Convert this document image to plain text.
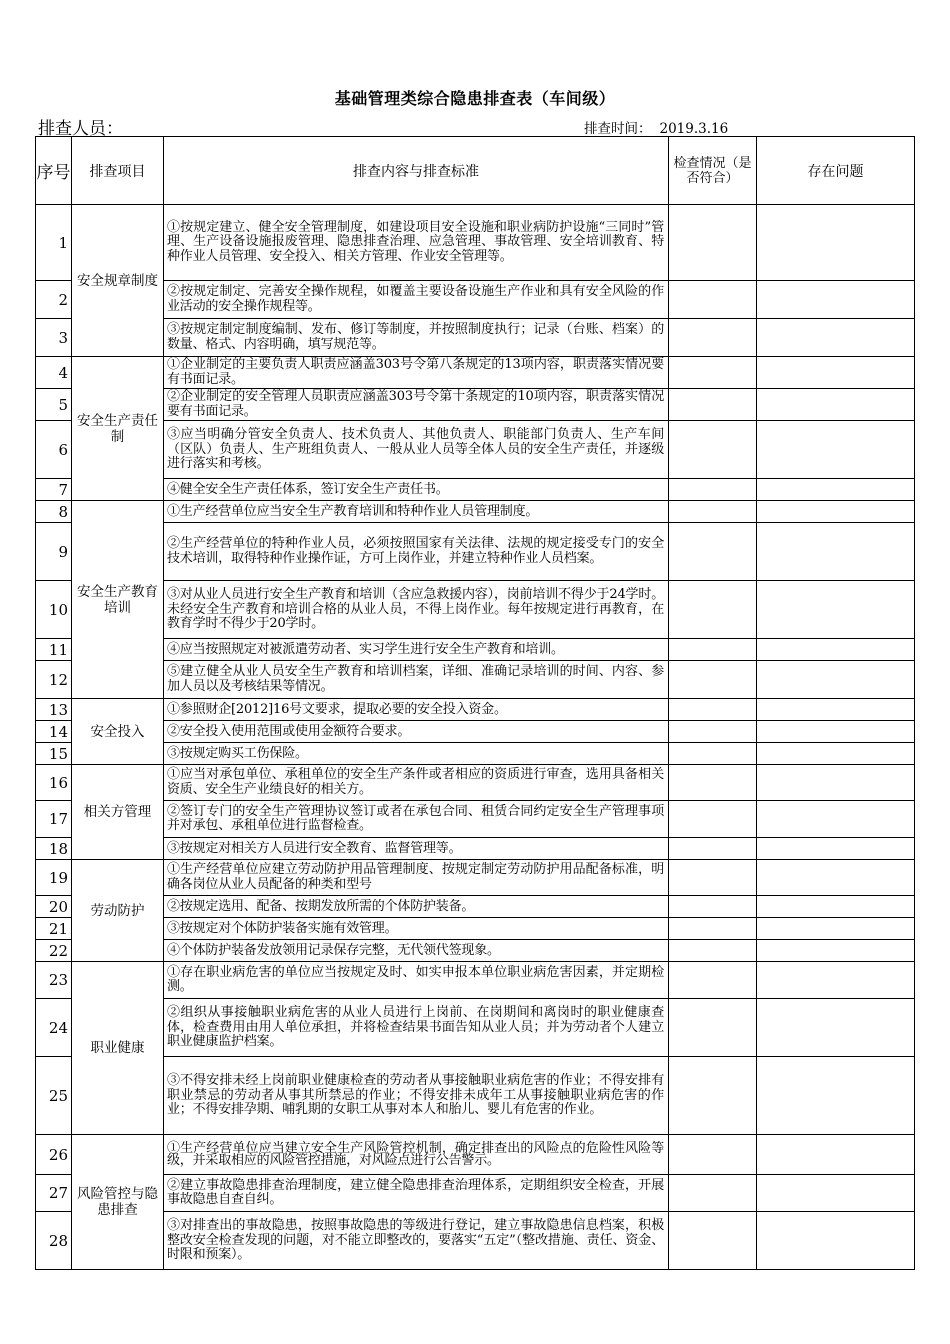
基础管理类综合隐患排查表（车间级）
排查人员：	排查时间： 2019.3.16
序号	排查项目	排查内容与排查标准	检查情况（是否符合）	存在问题
1	安全规章制度	①按规定建立、健全安全管理制度，如建设项目安全设施和职业病防护设施“三同时”管理、生产设备设施报废管理、隐患排查治理、应急管理、事故管理、安全培训教育、特种作业人员管理、安全投入、相关方管理、作业安全管理等。		
2		②按规定制定、完善安全操作规程，如覆盖主要设备设施生产作业和具有安全风险的作业活动的安全操作规程等。		
3		③按规定制定制度编制、发布、修订等制度，并按照制度执行；记录（台账、档案）的数量、格式、内容明确，填写规范等。		
4	安全生产责任制	①企业制定的主要负责人职责应涵盖303号令第八条规定的13项内容，职责落实情况要有书面记录。		
5		②企业制定的安全管理人员职责应涵盖303号令第十条规定的10项内容，职责落实情况要有书面记录。		
6		③应当明确分管安全负责人、技术负责人、其他负责人、职能部门负责人、生产车间（区队）负责人、生产班组负责人、一般从业人员等全体人员的安全生产责任，并逐级进行落实和考核。		
7		④健全安全生产责任体系，签订安全生产责任书。		
8	安全生产教育培训	①生产经营单位应当安全生产教育培训和特种作业人员管理制度。		
9		②生产经营单位的特种作业人员，必须按照国家有关法律、法规的规定接受专门的安全技术培训，取得特种作业操作证，方可上岗作业，并建立特种作业人员档案。		
10		③对从业人员进行安全生产教育和培训（含应急救援内容），岗前培训不得少于24学时。未经安全生产教育和培训合格的从业人员，不得上岗作业。每年按规定进行再教育，在教育学时不得少于20学时。		
11		④应当按照规定对被派遣劳动者、实习学生进行安全生产教育和培训。		
12		⑤建立健全从业人员安全生产教育和培训档案，详细、准确记录培训的时间、内容、参加人员以及考核结果等情况。		
13	安全投入	①参照财企[2012]16号文要求，提取必要的安全投入资金。		
14		②安全投入使用范围或使用金额符合要求。		
15		③按规定购买工伤保险。		
16	相关方管理	①应当对承包单位、承租单位的安全生产条件或者相应的资质进行审查，选用具备相关资质、安全生产业绩良好的相关方。		
17		②签订专门的安全生产管理协议签订或者在承包合同、租赁合同约定安全生产管理事项并对承包、承租单位进行监督检查。		
18		③按规定对相关方人员进行安全教育、监督管理等。		
19	劳动防护	①生产经营单位应建立劳动防护用品管理制度、按规定制定劳动防护用品配备标准，明确各岗位从业人员配备的种类和型号		
20		②按规定选用、配备、按期发放所需的个体防护装备。		
21		③按规定对个体防护装备实施有效管理。		
22		④个体防护装备发放领用记录保存完整，无代领代签现象。		
23	职业健康	①存在职业病危害的单位应当按规定及时、如实申报本单位职业病危害因素，并定期检测。		
24		②组织从事接触职业病危害的从业人员进行上岗前、在岗期间和离岗时的职业健康查体，检查费用由用人单位承担，并将检查结果书面告知从业人员；并为劳动者个人建立职业健康监护档案。		
25		③不得安排未经上岗前职业健康检查的劳动者从事接触职业病危害的作业；不得安排有职业禁忌的劳动者从事其所禁忌的作业；不得安排未成年工从事接触职业病危害的作业；不得安排孕期、哺乳期的女职工从事对本人和胎儿、婴儿有危害的作业。		
26	风险管控与隐患排查	①生产经营单位应当建立安全生产风险管控机制，确定排查出的风险点的危险性风险等级，并采取相应的风险管控措施，对风险点进行公告警示。		
27		②建立事故隐患排查治理制度，建立健全隐患排查治理体系，定期组织安全检查，开展事故隐患自查自纠。		
28		③对排查出的事故隐患，按照事故隐患的等级进行登记，建立事故隐患信息档案，积极整改安全检查发现的问题，对不能立即整改的，要落实“五定”（整改措施、责任、资金、时限和预案）。		
